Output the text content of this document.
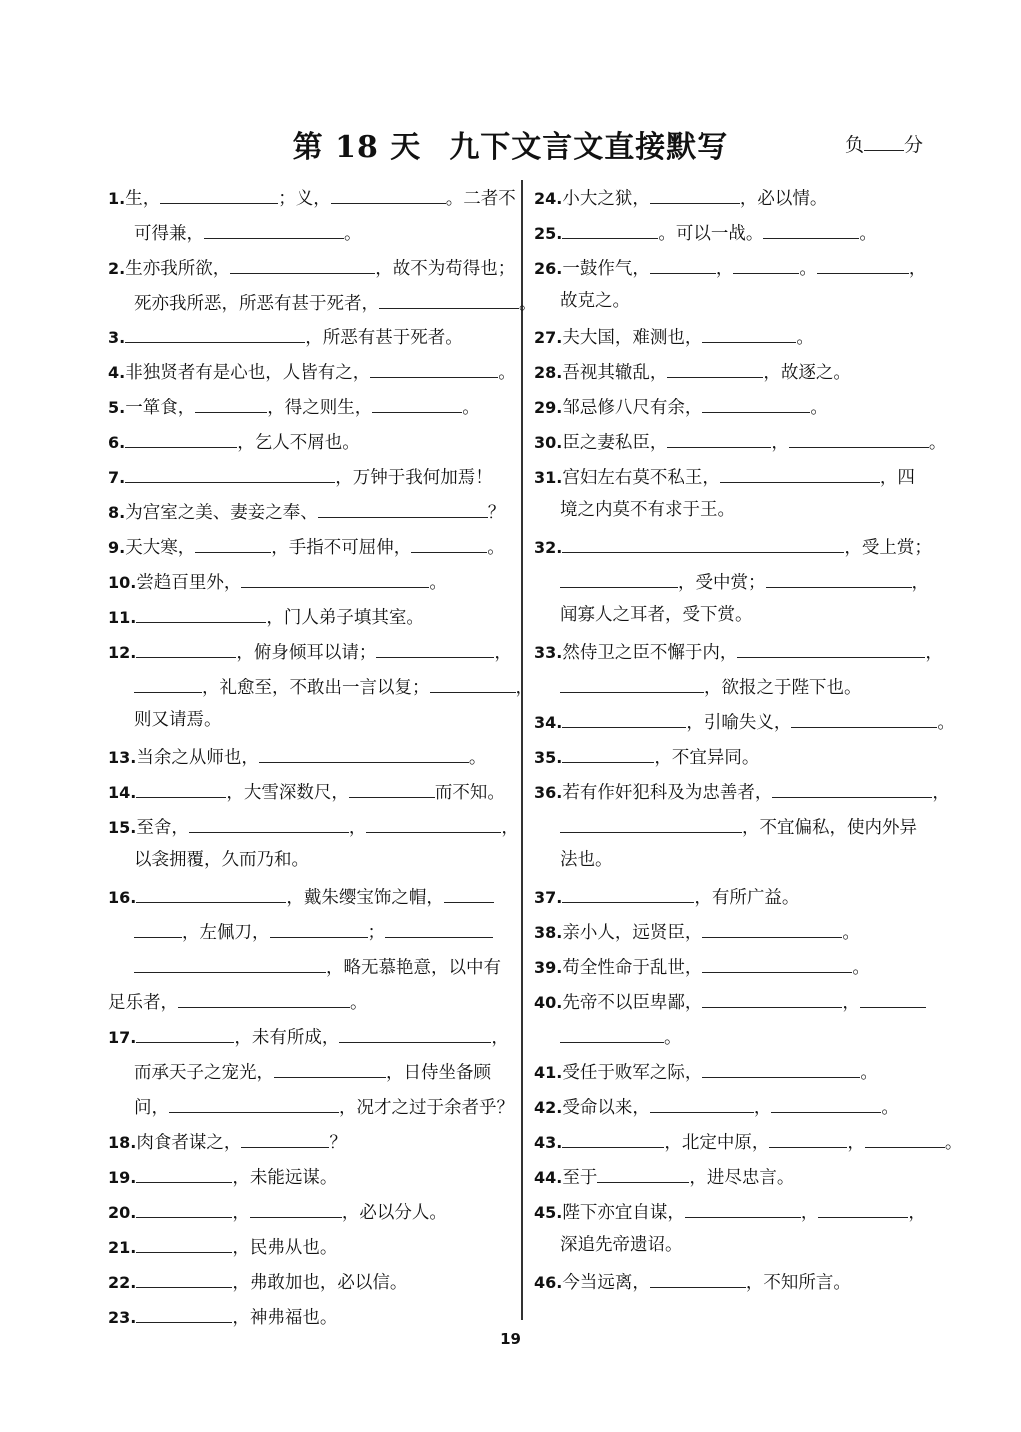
第 18 天 九下文言文直接默写	负 分
1.生，	；义，	。二者不
可得兼，	。
2.生亦我所欲，	，故不为苟得也；
死亦我所恶，所恶有甚于死者，	。
3.	，所恶有甚于死者。
4.非独贤者有是心也，人皆有之，	。
5.一箪食，	，得之则生，	。
6.	，乞人不屑也。
7.	，万钟于我何加焉！
8.为宫室之美、妻妾之奉、	？
9.天大寒，	，手指不可屈伸，	。
10.尝趋百里外，	。
11.	，门人弟子填其室。
12.	，俯身倾耳以请；	，
，礼愈至，不敢出一言以复；	，
则又请焉。
13.当余之从师也，	。
14.	，大雪深数尺，	而不知。
15.至舍，	，	，
以衾拥覆，久而乃和。
16.	，戴朱缨宝饰之帽，
，左佩刀，	；
，略无慕艳意，以中有
足乐者，	。
17.	，未有所成，	，
而承天子之宠光，	，日侍坐备顾
问，	，况才之过于余者乎？
18.肉食者谋之，	？
19.	，未能远谋。
20.	，	，必以分人。
21.	，民弗从也。
22.	，弗敢加也，必以信。
23.	，神弗福也。
24.小大之狱，	，必以情。
25.	。可以一战。	。
26.一鼓作气，	，	。	，
故克之。
27.夫大国，难测也，	。
28.吾视其辙乱，	，故逐之。
29.邹忌修八尺有余，	。
30.臣之妻私臣，	，	。
31.宫妇左右莫不私王，	，四
境之内莫不有求于王。
32.	，受上赏；
，受中赏；	，
闻寡人之耳者，受下赏。
33.然侍卫之臣不懈于内，	，
，欲报之于陛下也。
34.	，引喻失义，	。
35.	，不宜异同。
36.若有作奸犯科及为忠善者，	，
，不宜偏私，使内外异
法也。
37.	，有所广益。
38.亲小人，远贤臣，	。
39.苟全性命于乱世，	。
40.先帝不以臣卑鄙，	，
。
41.受任于败军之际，	。
42.受命以来，	，	。
43.	，北定中原，	，	。
44.至于	，进尽忠言。
45.陛下亦宜自谋，	，	，
深追先帝遗诏。
46.今当远离，	，不知所言。
19
